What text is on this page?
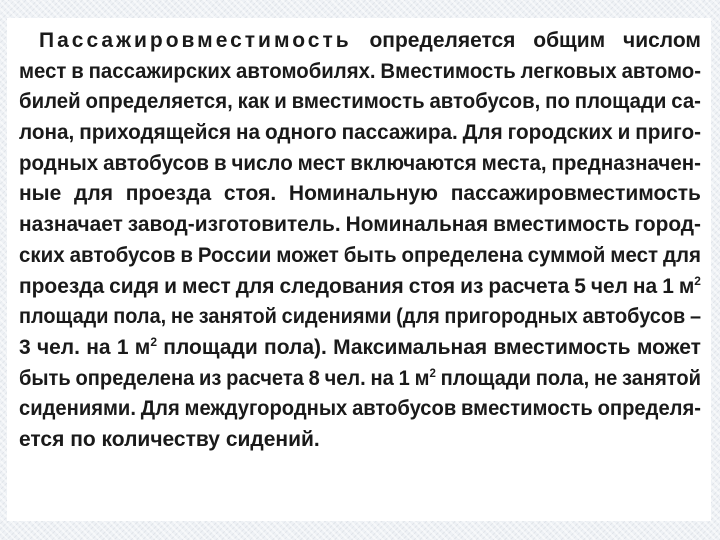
Пассажировместимость определяется общим числом
мест в пассажирских автомобилях. Вместимость легковых автомо-
билей определяется, как и вместимость автобусов, по площади са-
лона, приходящейся на одного пассажира. Для городских и приго-
родных автобусов в число мест включаются места, предназначен-
ные для проезда стоя. Номинальную пассажировместимость
назначает завод-изготовитель. Номинальная вместимость город-
ских автобусов в России может быть определена суммой мест для
проезда сидя и мест для следования стоя из расчета 5 чел на 1 $м^2$
площади пола, не занятой сидениями (для пригородных автобусов –
3 чел. на 1 $м^2$ площади пола). Максимальная вместимость может
быть определена из расчета 8 чел. на 1 $м^2$ площади пола, не занятой
сидениями. Для междугородных автобусов вместимость определя-
ется
по
количеству
сидений.
